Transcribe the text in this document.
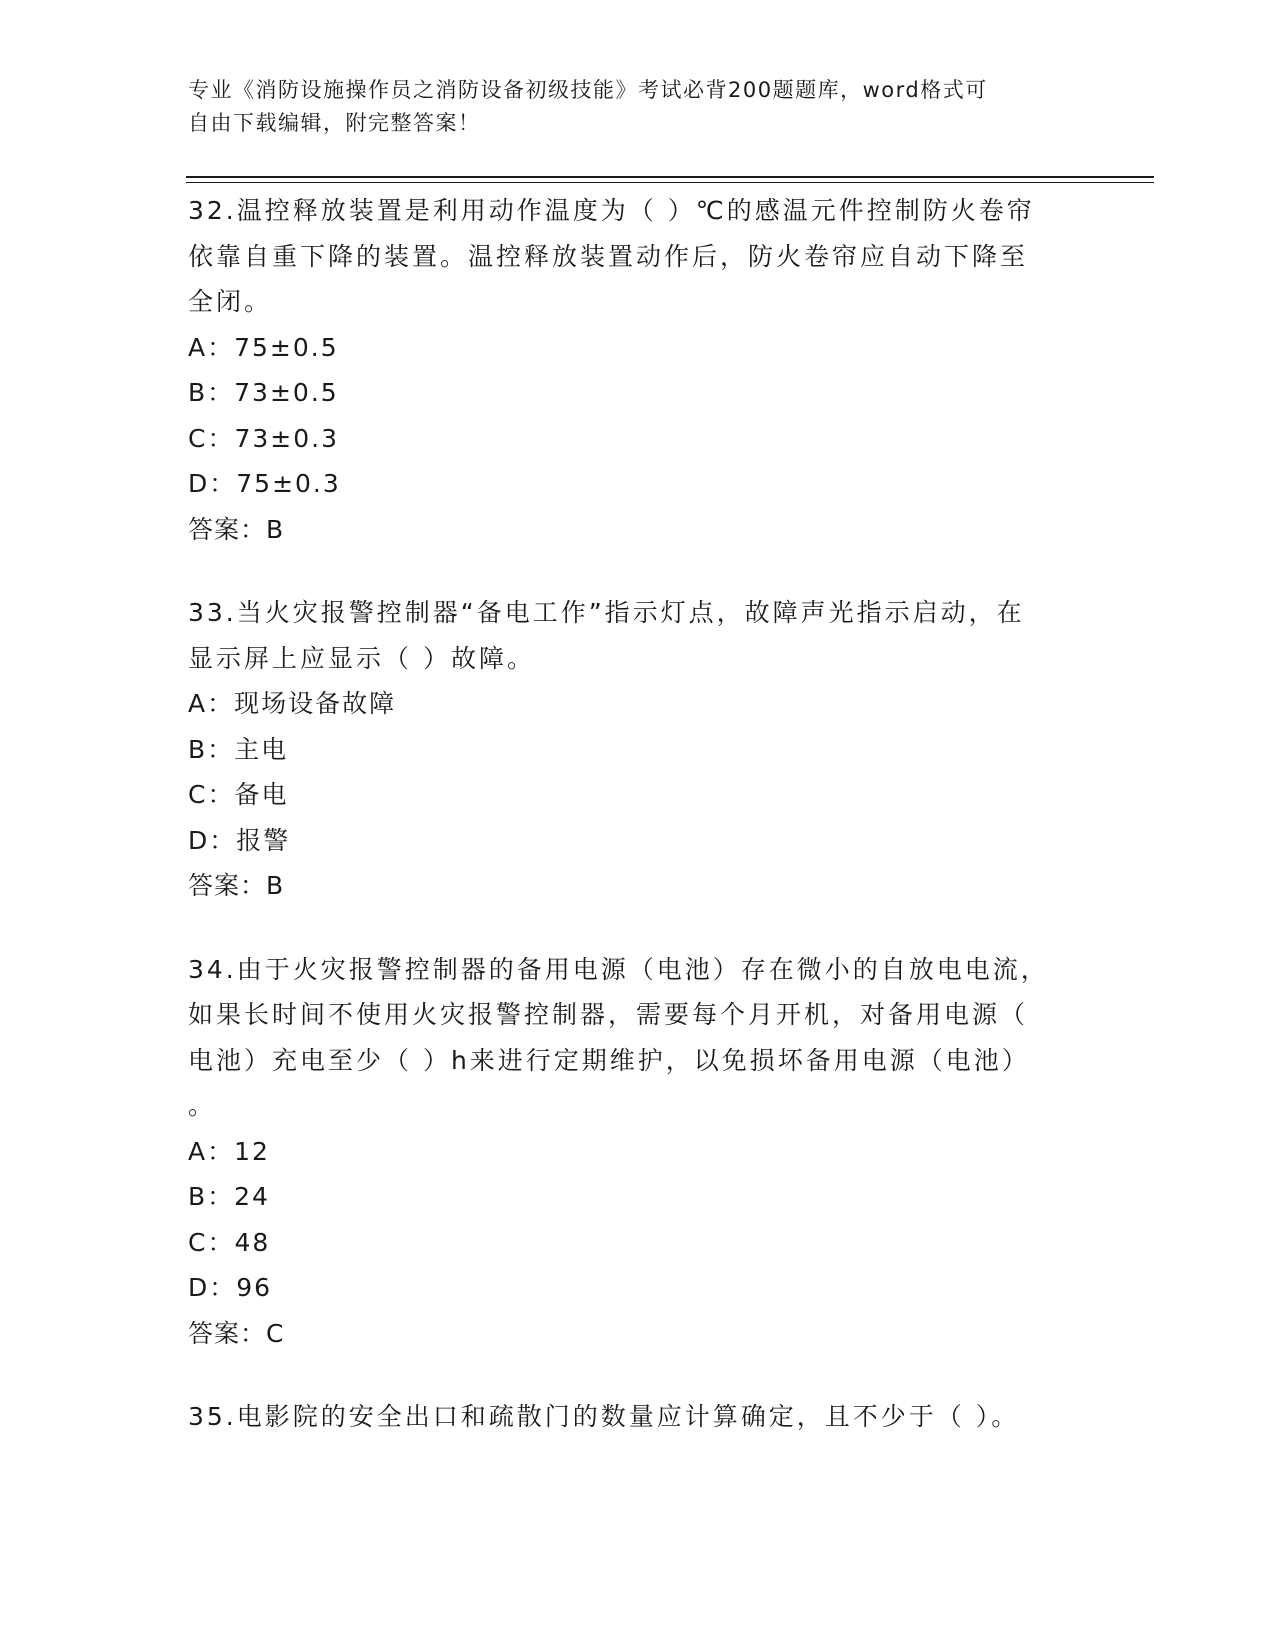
专业《消防设施操作员之消防设备初级技能》考试必背200题题库，word格式可
自由下载编辑，附完整答案！
32.温控释放装置是利用动作温度为（ ）℃的感温元件控制防火卷帘
依靠自重下降的装置。温控释放装置动作后，防火卷帘应自动下降至
全闭。
A： 75±0.5
B： 73±0.5
C： 73±0.3
D： 75±0.3
答案：B
33.当火灾报警控制器“备电工作”指示灯点，故障声光指示启动，在
显示屏上应显示（ ）故障。
A： 现场设备故障
B： 主电
C： 备电
D： 报警
答案：B
34.由于火灾报警控制器的备用电源（电池）存在微小的自放电电流，
如果长时间不使用火灾报警控制器，需要每个月开机，对备用电源（
电池）充电至少（ ）h来进行定期维护，以免损坏备用电源（电池）
。
A： 12
B： 24
C： 48
D： 96
答案：C
35.电影院的安全出口和疏散门的数量应计算确定，且不少于（ ）。
